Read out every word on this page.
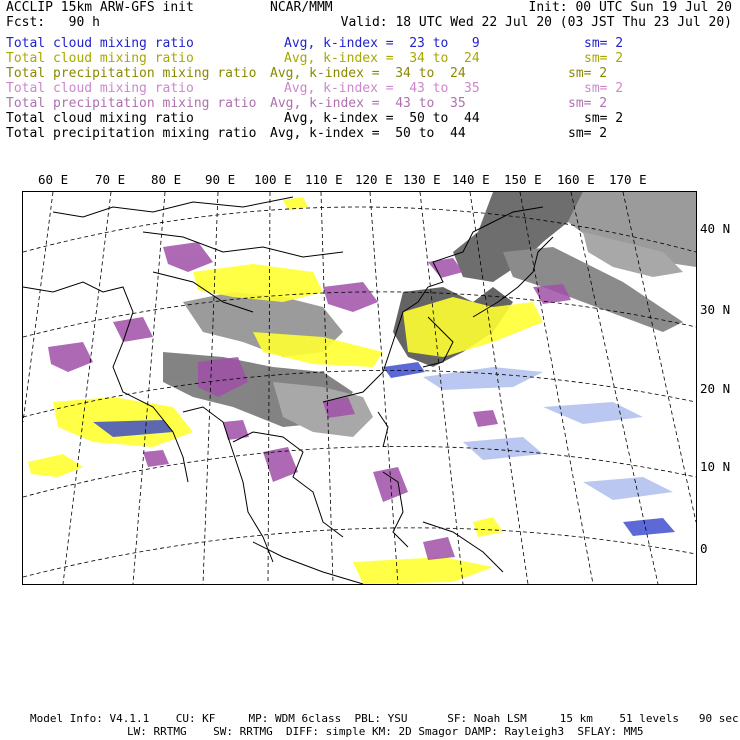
ACCLIP 15km ARW-GFS init	NCAR/MMM	Init: 00 UTC Sun 19 Jul 20
Fcst:   90 h	Valid: 18 UTC Wed 22 Jul 20 (03 JST Thu 23 Jul 20)
Total cloud mixing ratio	Avg, k-index =  23 to   9	sm= 2
Total cloud mixing ratio	Avg, k-index =  34 to  24	sm= 2
Total precipitation mixing ratio Avg, k-index =  34 to  24	sm= 2
Total cloud mixing ratio	Avg, k-index =  43 to  35	sm= 2
Total precipitation mixing ratio Avg, k-index =  43 to  35	sm= 2
Total cloud mixing ratio	Avg, k-index =  50 to  44	sm= 2
Total precipitation mixing ratio Avg, k-index =  50 to  44	sm= 2
60 E 70 E 80 E 90 E 100 E 110 E 120 E 130 E 140 E 150 E 160 E 170 E
40 N
30 N
20 N
10 N
0
Model Info: V4.1.1    CU: KF     MP: WDM 6class  PBL: YSU      SF: Noah LSM     15 km    51 levels   90 sec
LW: RRTMG    SW: RRTMG  DIFF: simple KM: 2D Smagor DAMP: Rayleigh3  SFLAY: MM5
